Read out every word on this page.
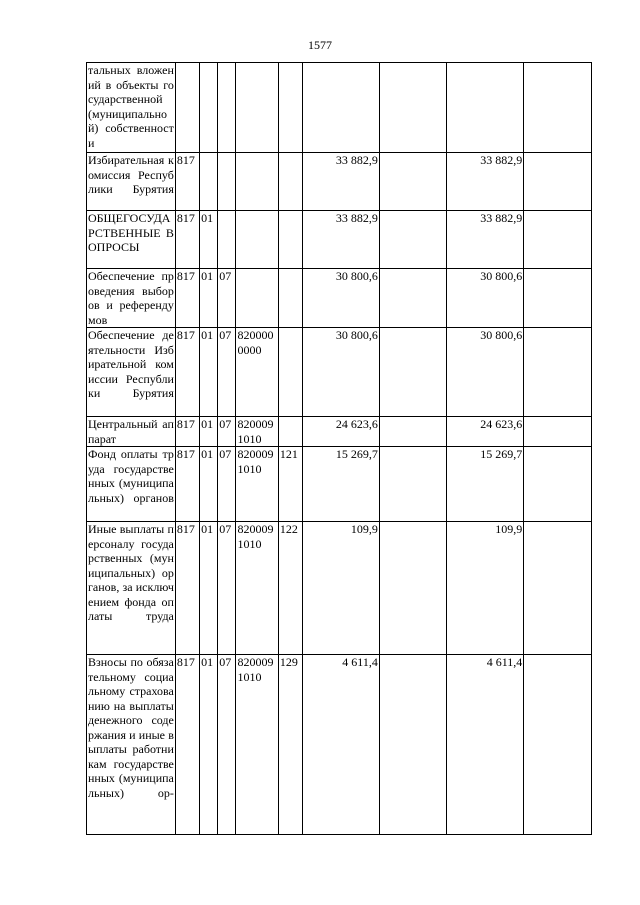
1577
тальных вложений в объекты государственной (муниципальной) собственности									
Избирательная комиссия Республики Бурятия	817					33 882,9		33 882,9	
ОБЩЕГОСУДАРСТВЕННЫЕ ВОПРОСЫ	817	01				33 882,9		33 882,9	
Обеспечение проведения выборов и референдумов	817	01	07			30 800,6		30 800,6	
Обеспечение деятельности Избирательной комиссии Республики Бурятия	817	01	07	8200000000		30 800,6		30 800,6	
Центральный аппарат	817	01	07	8200091010		24 623,6		24 623,6	
Фонд оплаты труда государственных (муниципальных) органов	817	01	07	8200091010	121	15 269,7		15 269,7	
Иные выплаты персоналу государственных (муниципальных) органов, за исключением фонда оплаты труда	817	01	07	8200091010	122	109,9		109,9	
Взносы по обязательному социальному страхованию на выплаты денежного содержания и иные выплаты работникам государственных (муниципальных) ор-	817	01	07	8200091010	129	4 611,4		4 611,4	
